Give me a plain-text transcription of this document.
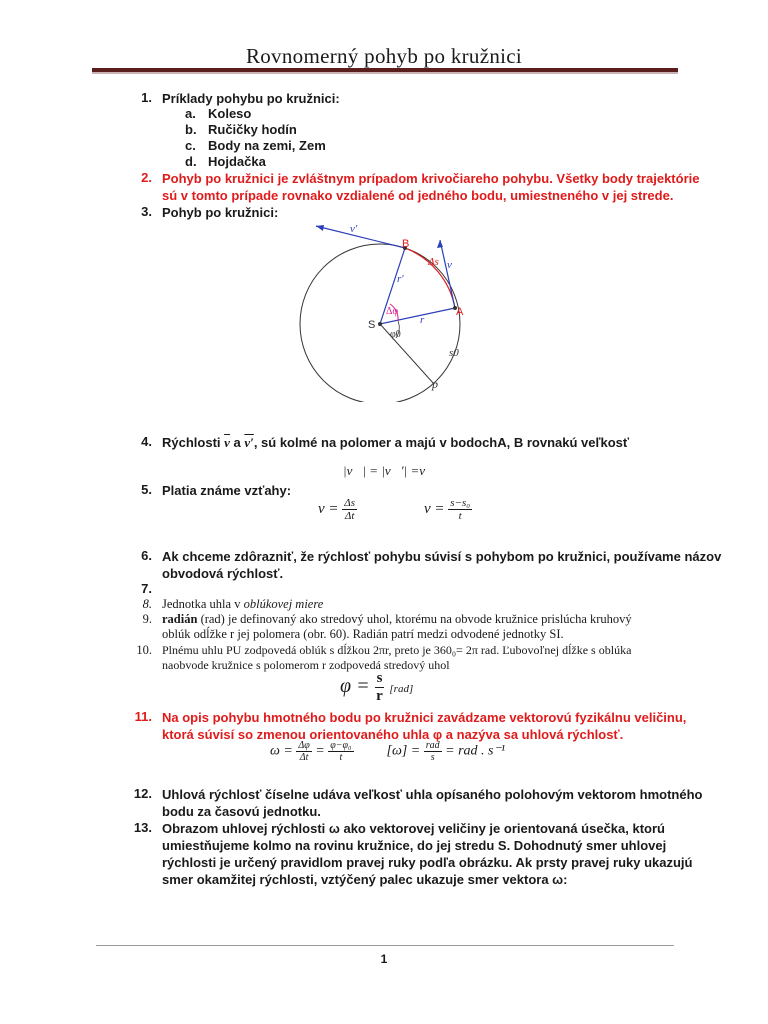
Rovnomerný pohyb po kružnici
1. Príklady pohybu po kružnici:
a. Koleso
b. Ručičky hodín
c. Body na zemi, Zem
d. Hojdačka
2. Pohyb po kružnici je zvláštnym prípadom krivočiareho pohybu. Všetky body trajektórie
sú v tomto prípade rovnako vzdialené od jedného bodu, umiestneného v jej strede.
3. Pohyb po kružnici:
v′
B
Δs v
r′
Δφ	A
S	r
φ0
s0
p
4. Rýchlosti $\overline{v}$ a v′, sú kolmé na polomer a majú v bodochA, B rovnakú veľkosť
|v⃗| = |v⃗′| =v
5. Platia známe vzťahy:
$v = \frac{\Delta s}{\Delta t}$	$v = \frac{\text{s−s₀}}{t}$
6. Ak chceme zdôrazniť, že rýchlosť pohybu súvisí s pohybom po kružnici, používame názov
obvodová rýchlosť.
7.
8. Jednotka uhla v oblúkovej miere
9. radián (rad) je definovaný ako stredový uhol, ktorému na obvode kružnice prislúcha kruhový
oblúk odĺžke r jej polomera (obr. 60). Radián patrí medzi odvodené jednotky SI.
10. Plnému uhlu PU zodpovedá oblúk s dĺžkou 2πr, preto je 360₀= 2π rad. Ľubovoľnej dĺžke s oblúka
naobvode kružnice s polomerom r zodpovedá stredový uhol
$\varphi = \frac{s}{r} [rad]$
11. Na opis pohybu hmotného bodu po kružnici zavádzame vektorovú fyzikálnu veličinu,
ktorá súvisí so zmenou orientovaného uhla φ a nazýva sa uhlová rýchlosť.
$\omega = \frac{\Delta\varphi}{\Delta t} = \frac{\text{φ−φ₀}}{t} [\omega] = \frac{\text{rad}}{s}$ = rad . s⁻¹
12. Uhlová rýchlosť číselne udáva veľkosť uhla opísaného polohovým vektorom hmotného
bodu za časovú jednotku.
13. Obrazom uhlovej rýchlosti ω ako vektorovej veličiny je orientovaná úsečka, ktorú
umiestňujeme kolmo na rovinu kružnice, do jej stredu S. Dohodnutý smer uhlovej
rýchlosti je určený pravidlom pravej ruky podľa obrázku. Ak prsty pravej ruky ukazujú
smer okamžitej rýchlosti, vztýčený palec ukazuje smer vektora ω:
1
